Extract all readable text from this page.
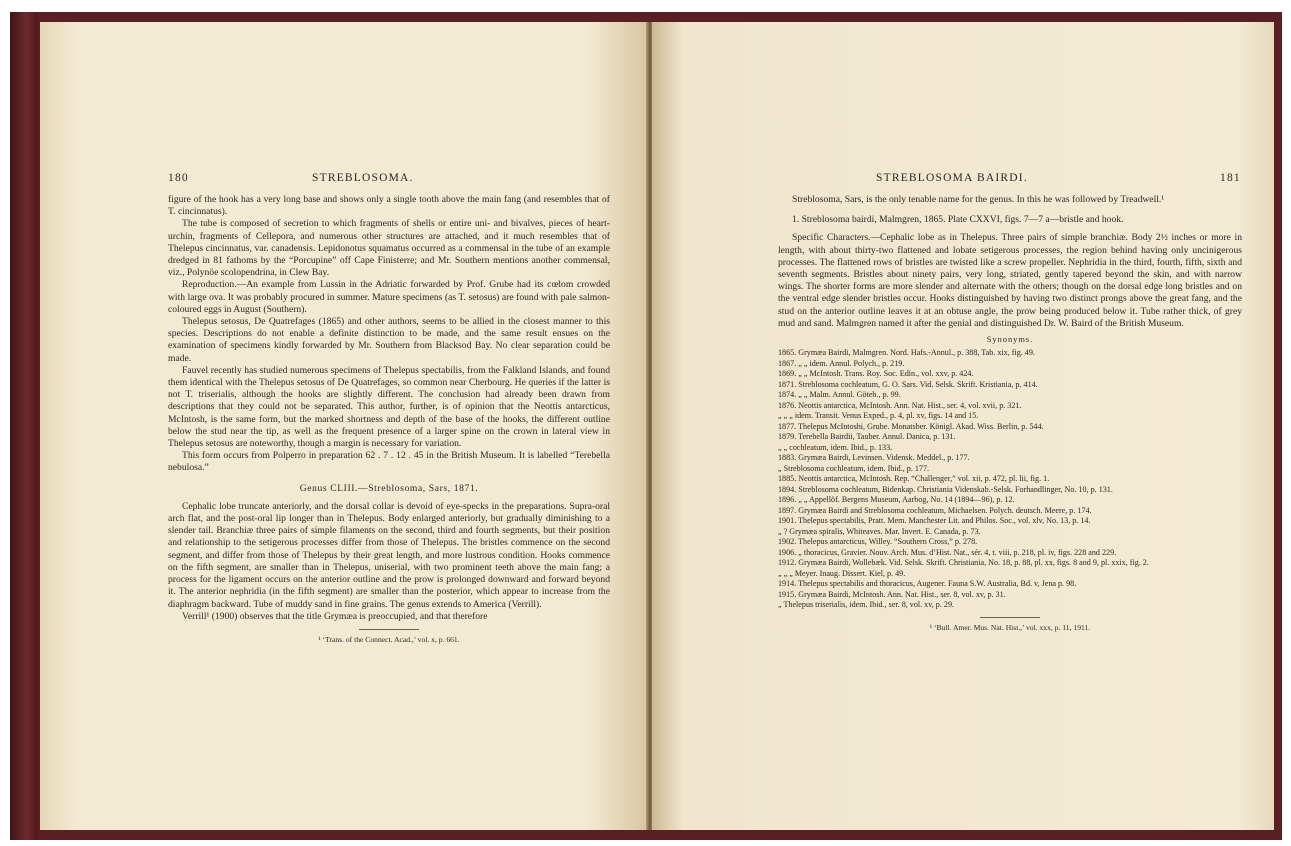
180	STREBLOSOMA.

figure of the hook has a very long base and shows only a single tooth above the main fang (and resembles that of T. cincinnatus).

The tube is composed of secretion to which fragments of shells or entire uni- and bivalves, pieces of heart-urchin, fragments of Cellepora, and numerous other structures are attached, and it much resembles that of Thelepus cincinnatus, var. canadensis. Lepidonotus squamatus occurred as a commensal in the tube of an example dredged in 81 fathoms by the “Porcupine” off Cape Finisterre; and Mr. Southern mentions another commensal, viz., Polynöe scolopendrina, in Clew Bay.

Reproduction.—An example from Lussin in the Adriatic forwarded by Prof. Grube had its cœlom crowded with large ova. It was probably procured in summer. Mature specimens (as T. setosus) are found with pale salmon-coloured eggs in August (Southern).

Thelepus setosus, De Quatrefages (1865) and other authors, seems to be allied in the closest manner to this species. Descriptions do not enable a definite distinction to be made, and the same result ensues on the examination of specimens kindly forwarded by Mr. Southern from Blacksod Bay. No clear separation could be made.

Fauvel recently has studied numerous specimens of Thelepus spectabilis, from the Falkland Islands, and found them identical with the Thelepus setosus of De Quatrefages, so common near Cherbourg. He queries if the latter is not T. triserialis, although the hooks are slightly different. The conclusion had already been drawn from descriptions that they could not be separated. This author, further, is of opinion that the Neottis antarcticus, McIntosh, is the same form, but the marked shortness and depth of the base of the hooks, the different outline below the stud near the tip, as well as the frequent presence of a larger spine on the crown in lateral view in Thelepus setosus are noteworthy, though a margin is necessary for variation.

This form occurs from Polperro in preparation 62 . 7 . 12 . 45 in the British Museum. It is labelled “Terebella nebulosa.”

Genus CLIII.—Streblosoma, Sars, 1871.

Cephalic lobe truncate anteriorly, and the dorsal collar is devoid of eye-specks in the preparations. Supra-oral arch flat, and the post-oral lip longer than in Thelepus. Body enlarged anteriorly, but gradually diminishing to a slender tail. Branchiæ three pairs of simple filaments on the second, third and fourth segments, but their position and relationship to the setigerous processes differ from those of Thelepus. The bristles commence on the second segment, and differ from those of Thelepus by their great length, and more lustrous condition. Hooks commence on the fifth segment, are smaller than in Thelepus, uniserial, with two prominent teeth above the main fang; a process for the ligament occurs on the anterior outline and the prow is prolonged downward and forward beyond it. The anterior nephridia (in the fifth segment) are smaller than the posterior, which appear to increase from the diaphragm backward. Tube of muddy sand in fine grains. The genus extends to America (Verrill).

Verrill¹ (1900) observes that the title Grymæa is preoccupied, and that therefore

¹ ‘Trans. of the Connect. Acad.,’ vol. x, p. 661.
STREBLOSOMA BAIRDI.	181

Streblosoma, Sars, is the only tenable name for the genus. In this he was followed by Treadwell.¹

1. Streblosoma bairdi, Malmgren, 1865. Plate CXXVI, figs. 7—7 a—bristle and hook.

Specific Characters.—Cephalic lobe as in Thelepus. Three pairs of simple branchiæ. Body 2½ inches or more in length, with about thirty-two flattened and lobate setigerous processes, the region behind having only uncinigerous processes. The flattened rows of bristles are twisted like a screw propeller. Nephridia in the third, fourth, fifth, sixth and seventh segments. Bristles about ninety pairs, very long, striated, gently tapered beyond the skin, and with narrow wings. The shorter forms are more slender and alternate with the others; though on the dorsal edge long bristles and on the ventral edge slender bristles occur. Hooks distinguished by having two distinct prongs above the great fang, and the stud on the anterior outline leaves it at an obtuse angle, the prow being produced below it. Tube rather thick, of grey mud and sand. Malmgren named it after the genial and distinguished Dr. W. Baird of the British Museum.

Synonyms.
1865. Grymæa Bairdi, Malmgren. Nord. Hafs.-Annul., p. 388, Tab. xix, fig. 49.
1867. „ „ idem. Annul. Polych., p. 219.
1869. „ „ McIntosh. Trans. Roy. Soc. Edin., vol. xxv, p. 424.
1871. Streblosoma cochleatum, G. O. Sars. Vid. Selsk. Skrift. Kristiania, p. 414.
1874. „ „ Malm. Annul. Göteb., p. 99.
1876. Neottis antarctica, McIntosh. Ann. Nat. Hist., ser. 4, vol. xvii, p. 321.
„ „ „ idem. Transit. Venus Exped., p. 4, pl. xv, figs. 14 and 15.
1877. Thelepus McIntoshi, Grube. Monatsber. Königl. Akad. Wiss. Berlin, p. 544.
1879. Terebella Bairdii, Tauber. Annul. Danica, p. 131.
„ „ cochleatum, idem. Ibid., p. 133.
1883. Grymæa Bairdi, Levinsen. Vidensk. Meddel., p. 177.
„ Streblosoma cochleatum, idem. Ibid., p. 177.
1885. Neottis antarctica, McIntosh. Rep. “Challenger,” vol. xii, p. 472, pl. lii, fig. 1.
1894. Streblosoma cochleatum, Bidenkap. Christiania Videnskab.-Selsk. Forhandlinger, No. 10, p. 131.
1896. „ „ Appellöf. Bergens Museum, Aarbog, No. 14 (1894—96), p. 12.
1897. Grymæa Bairdi and Streblosoma cochleatum, Michaelsen. Polych. deutsch. Meere, p. 174.
1901. Thelepus spectabilis, Pratt. Mem. Manchester Lit. and Philos. Soc., vol. xlv, No. 13, p. 14.
„ ? Grymæa spiralis, Whiteaves. Mar. Invert. E. Canada, p. 73.
1902. Thelepus antarcticus, Willey. “Southern Cross,” p. 278.
1906. „ thoracicus, Gravier. Nouv. Arch. Mus. d’Hist. Nat., sér. 4, t. viii, p. 218, pl. iv, figs. 228 and 229.
1912. Grymæa Bairdi, Wollebæk. Vid. Selsk. Skrift. Christiania, No. 18, p. 88, pl. xx, figs. 8 and 9, pl. xxix, fig. 2.
„ „ „ Meyer. Inaug. Dissert. Kiel, p. 49.
1914. Thelepus spectabilis and thoracicus, Augener. Fauna S.W. Australia, Bd. v, Jena p. 98.
1915. Grymæa Bairdi, McIntosh. Ann. Nat. Hist., ser. 8, vol. xv, p. 31.
„ Thelepus triserialis, idem. Ibid., ser. 8, vol. xv, p. 29.
¹ ‘Bull. Amer. Mus. Nat. Hist.,’ vol. xxx, p. 11, 1911.
